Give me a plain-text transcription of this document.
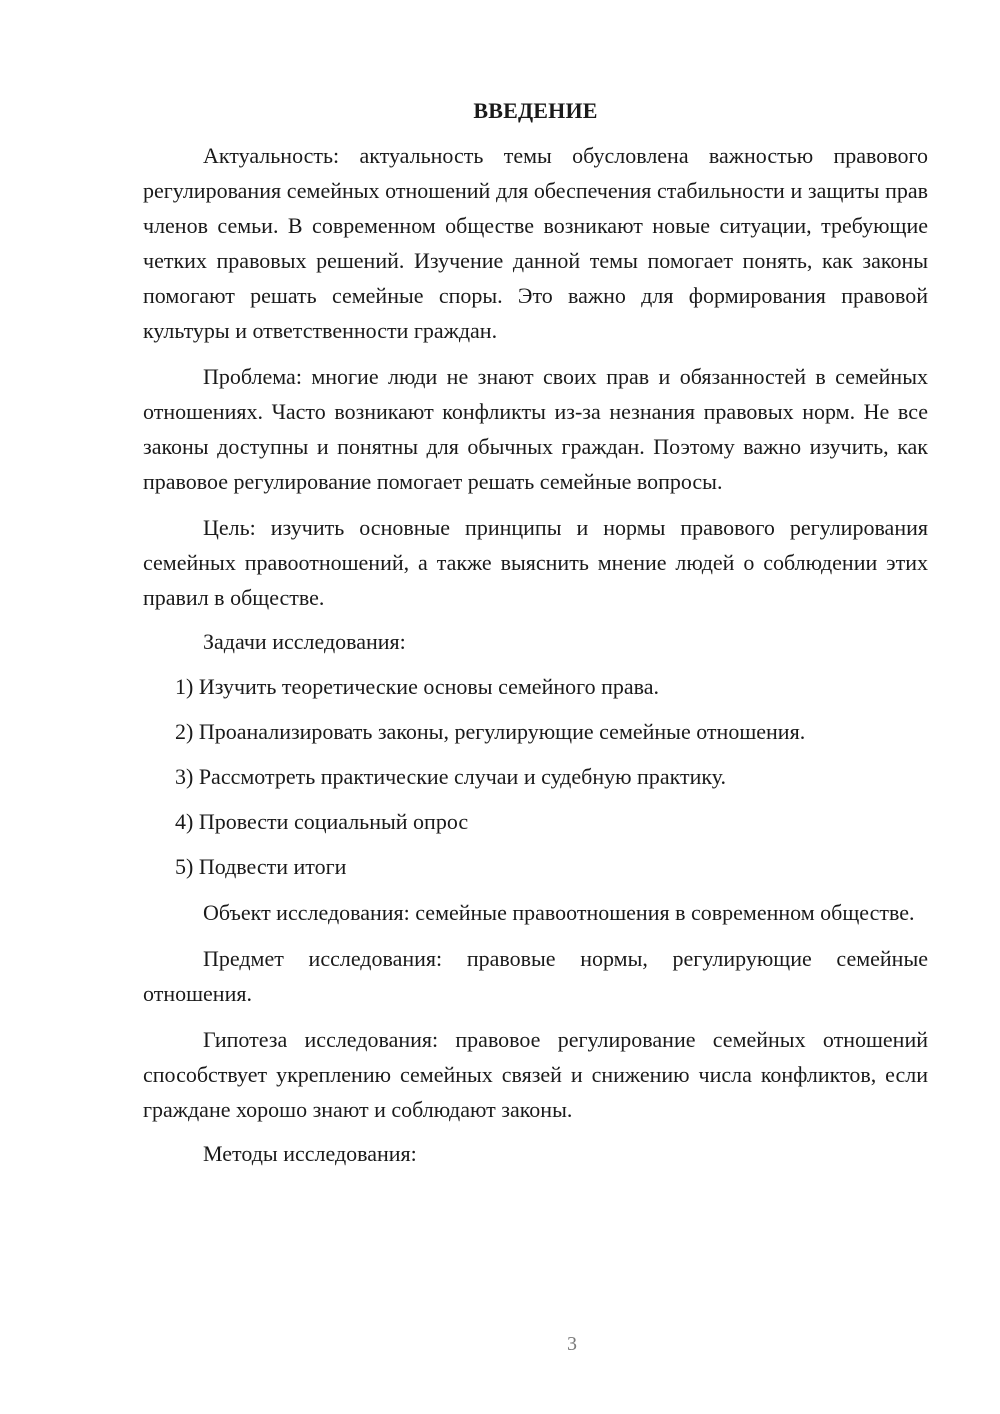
ВВЕДЕНИЕ

Актуальность: актуальность темы обусловлена важностью правового регулирования семейных отношений для обеспечения стабильности и защиты прав членов семьи. В современном обществе возникают новые ситуации, требующие четких правовых решений. Изучение данной темы помогает понять, как законы помогают решать семейные споры. Это важно для формирования правовой культуры и ответственности граждан.

Проблема: многие люди не знают своих прав и обязанностей в семейных отношениях. Часто возникают конфликты из-за незнания правовых норм. Не все законы доступны и понятны для обычных граждан. Поэтому важно изучить, как правовое регулирование помогает решать семейные вопросы.

Цель: изучить основные принципы и нормы правового регулирования семейных правоотношений, а также выяснить мнение людей о соблюдении этих правил в обществе.

Задачи исследования:

1) Изучить теоретические основы семейного права.

2) Проанализировать законы, регулирующие семейные отношения.

3) Рассмотреть практические случаи и судебную практику.

4) Провести социальный опрос

5) Подвести итоги

Объект исследования: семейные правоотношения в современном обществе.

Предмет исследования: правовые нормы, регулирующие семейные отношения.

Гипотеза исследования: правовое регулирование семейных отношений способствует укреплению семейных связей и снижению числа конфликтов, если граждане хорошо знают и соблюдают законы.

Методы исследования:

3
